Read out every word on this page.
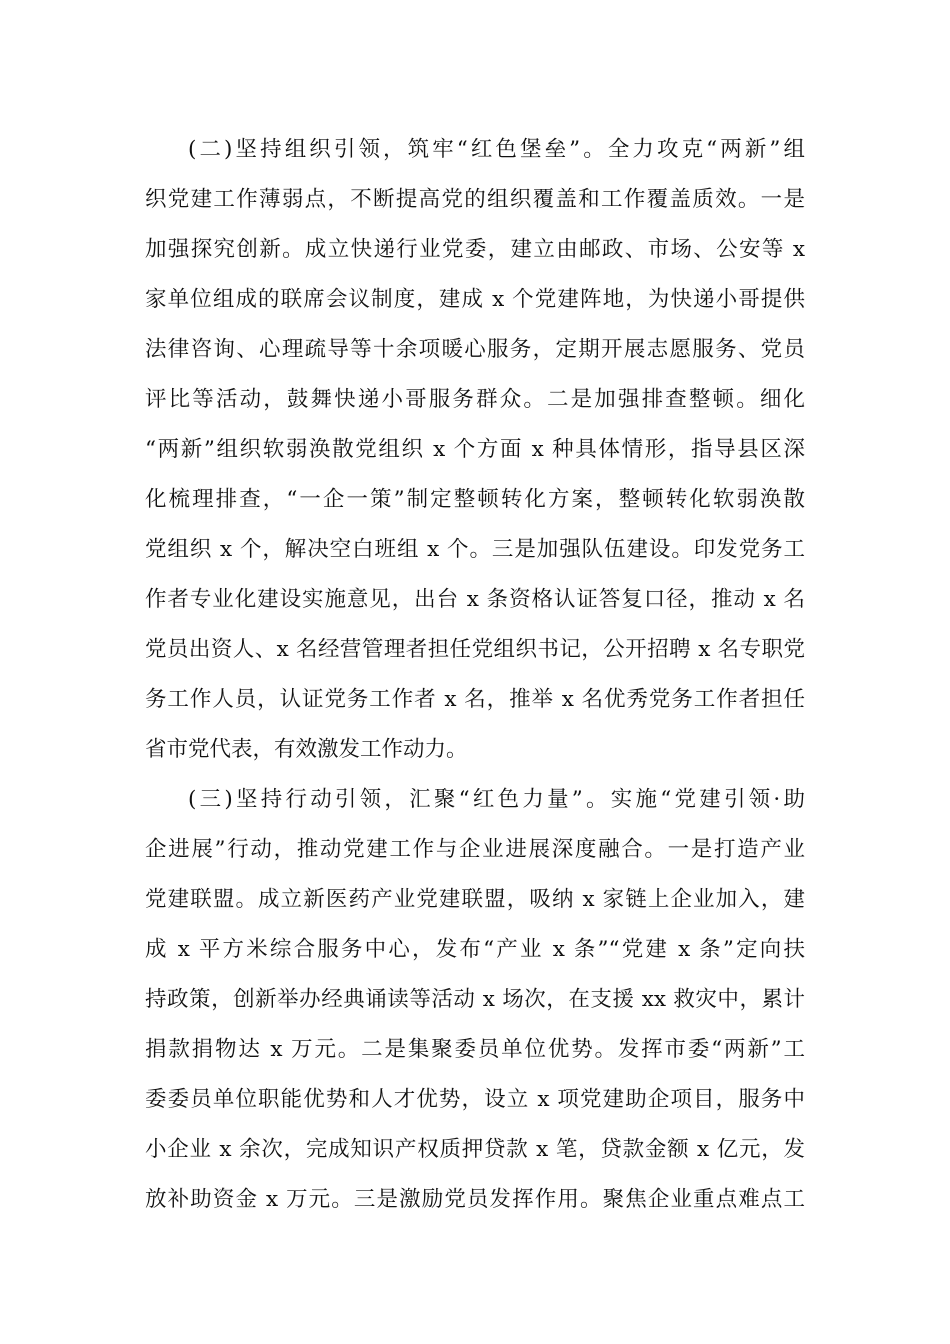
(二)坚持组织引领，筑牢“红色堡垒”。全力攻克“两新”组
织党建工作薄弱点，不断提高党的组织覆盖和工作覆盖质效。一是
加强探究创新。成立快递行业党委，建立由邮政、市场、公安等 x
家单位组成的联席会议制度，建成 x 个党建阵地，为快递小哥提供
法律咨询、心理疏导等十余项暖心服务，定期开展志愿服务、党员
评比等活动，鼓舞快递小哥服务群众。二是加强排查整顿。细化
“两新”组织软弱涣散党组织 x 个方面 x 种具体情形，指导县区深
化梳理排查，“一企一策”制定整顿转化方案，整顿转化软弱涣散
党组织 x 个，解决空白班组 x 个。三是加强队伍建设。印发党务工
作者专业化建设实施意见，出台 x 条资格认证答复口径，推动 x 名
党员出资人、x 名经营管理者担任党组织书记，公开招聘 x 名专职党
务工作人员，认证党务工作者 x 名，推举 x 名优秀党务工作者担任
省市党代表，有效激发工作动力。
(三)坚持行动引领，汇聚“红色力量”。实施“党建引领·助
企进展”行动，推动党建工作与企业进展深度融合。一是打造产业
党建联盟。成立新医药产业党建联盟，吸纳 x 家链上企业加入，建
成 x 平方米综合服务中心，发布“产业 x 条”“党建 x 条”定向扶
持政策，创新举办经典诵读等活动 x 场次，在支援 xx 救灾中，累计
捐款捐物达 x 万元。二是集聚委员单位优势。发挥市委“两新”工
委委员单位职能优势和人才优势，设立 x 项党建助企项目，服务中
小企业 x 余次，完成知识产权质押贷款 x 笔，贷款金额 x 亿元，发
放补助资金 x 万元。三是激励党员发挥作用。聚焦企业重点难点工
